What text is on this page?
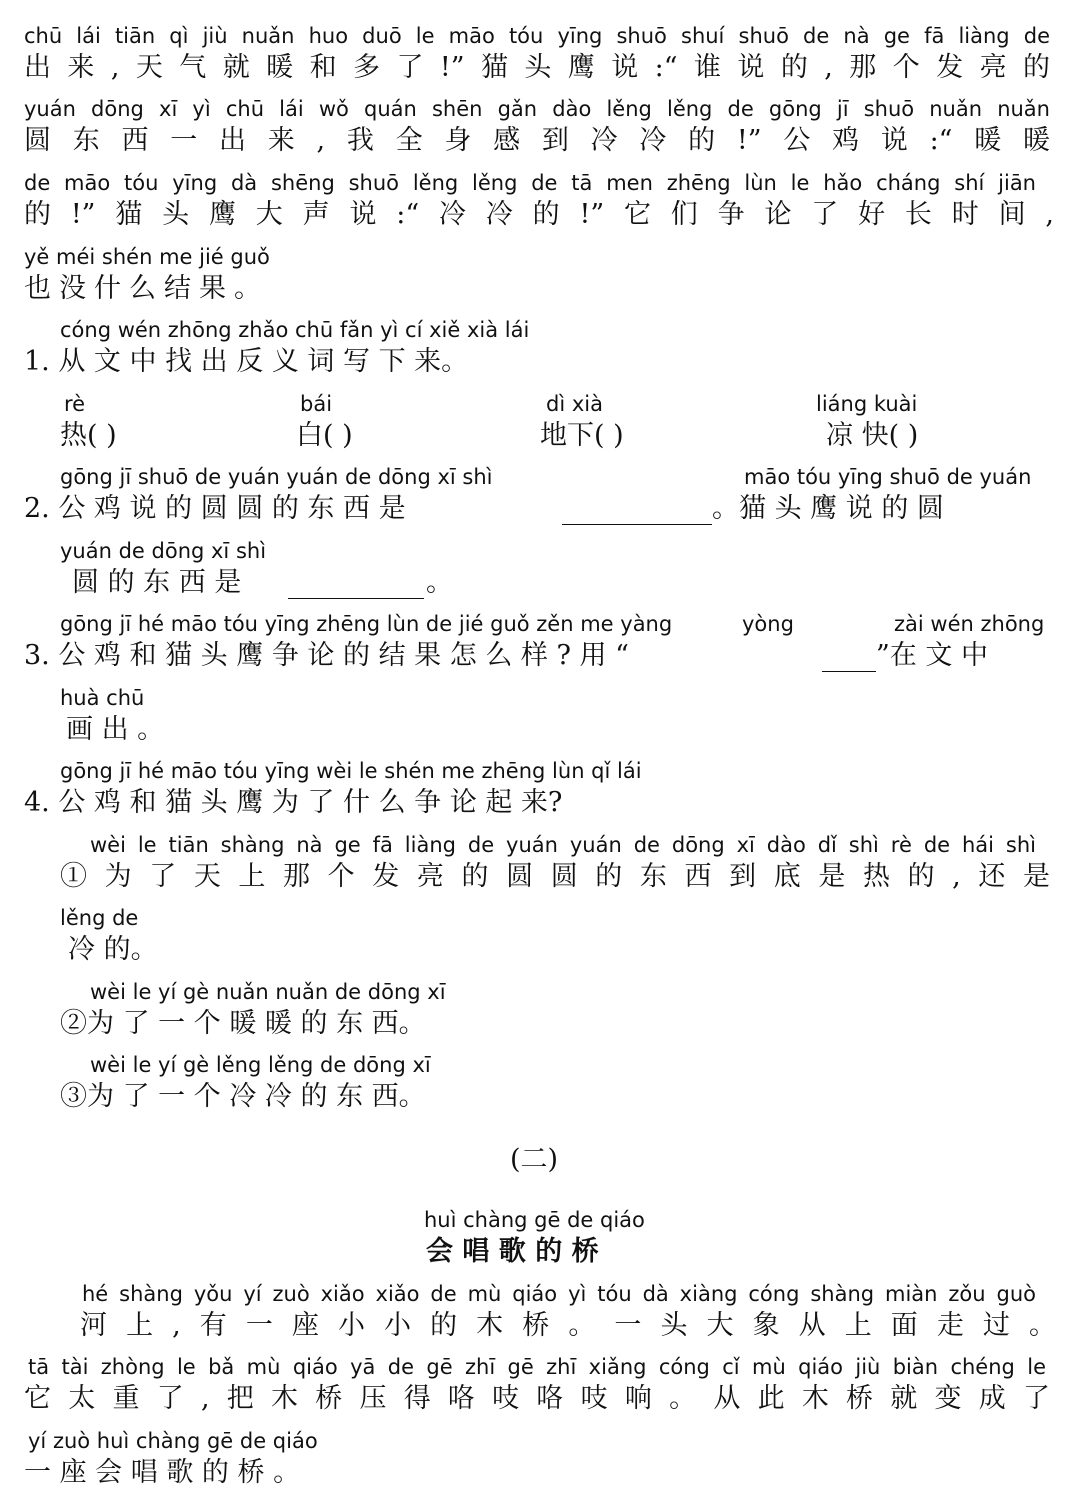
chū lái tiān qì jiù nuǎn huo duō le māo tóu yīng shuō shuí shuō de nà ge fā liàng de
出来,天气就暖和多了!”猫头鹰说:“谁说的,那个发亮的
yuán dōng xī yì chū lái wǒ quán shēn gǎn dào lěng lěng de gōng jī shuō nuǎn nuǎn
圆东西一出来,我全身感到冷冷的!”公鸡说:“暖暖
de māo tóu yīng dà shēng shuō lěng lěng de tā men zhēng lùn le hǎo cháng shí jiān
的!”猫头鹰大声说:“冷冷的!”它们争论了好长时间,
yě méi shén me jié guǒ
也没什么结果。
cóng wén zhōng zhǎo chū fǎn yì cí xiě xià lái
1. 从 文 中 找 出 反 义 词 写 下 来。
rè
热( )
bái
白( )
dì xià
地下( )
liáng kuài
凉 快( )
gōng jī shuō de yuán yuán de dōng xī shì
2. 公 鸡 说 的 圆 圆 的 东 西 是
māo tóu yīng shuō de yuán
。猫 头 鹰 说 的 圆
yuán de dōng xī shì
圆 的 东 西 是	。
gōng jī hé māo tóu yīng zhēng lùn de jié guǒ zěn me yàng	yòng	zài wén zhōng
3. 公 鸡 和 猫 头 鹰 争 论 的 结 果 怎 么 样 ? 用 “	”在 文 中
huà chū
画 出 。
gōng jī hé māo tóu yīng wèi le shén me zhēng lùn qǐ lái
4. 公 鸡 和 猫 头 鹰 为 了 什 么 争 论 起 来?
wèi le tiān shàng nà ge fā liàng de yuán yuán de dōng xī dào dǐ shì rè de hái shì
①为了天上那个发亮的圆圆的东西到底是热的,还是
lěng de
冷 的。
wèi le yí gè nuǎn nuǎn de dōng xī
②为 了 一 个 暖 暖 的 东 西。
wèi le yí gè lěng lěng de dōng xī
③为 了 一 个 冷 冷 的 东 西。
(二)
huì chàng gē de qiáo
会 唱 歌 的 桥
hé shàng yǒu yí zuò xiǎo xiǎo de mù qiáo yì tóu dà xiàng cóng shàng miàn zǒu guò
河上,有一座小小的木桥。一头大象从上面走过。
tā tài zhòng le bǎ mù qiáo yā de gē zhī gē zhī xiǎng cóng cǐ mù qiáo jiù biàn chéng le
它太重了,把木桥压得咯吱咯吱响。从此木桥就变成了
yí zuò huì chàng gē de qiáo
一 座 会 唱 歌 的 桥 。
